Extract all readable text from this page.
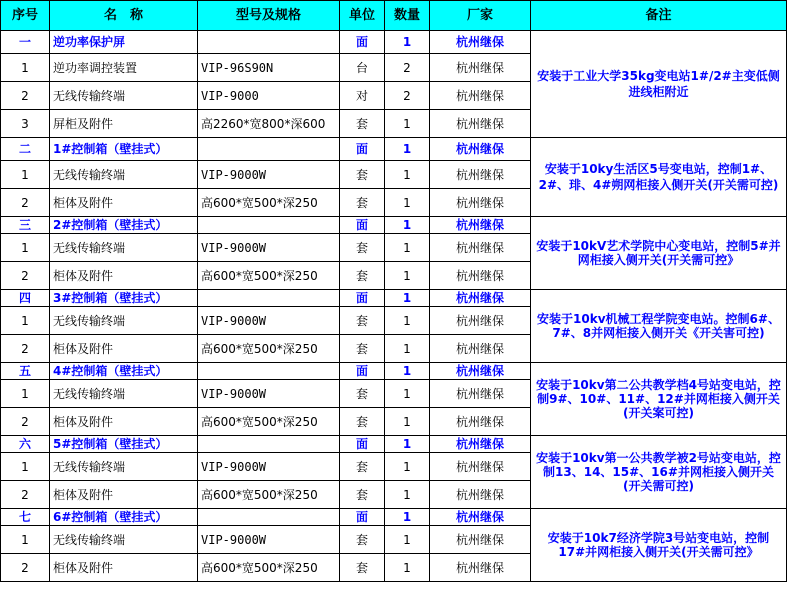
序号	名　称	型号及规格	单位	数量	厂家	备注
一	逆功率保护屏		面	1	杭州继保	安装于工业大学35kg变电站1#/2#主变低侧进线柜附近
1	逆功率调控装置	VIP-96S90N	台	2	杭州继保	
2	无线传输终端	VIP-9000	对	2	杭州继保	
3	屏柜及附件	高2260*宽800*深600	套	1	杭州继保	
二	1#控制箱（壁挂式）		面	1	杭州继保	安装于10ky生活区5号变电站，控制1#、2#、琲、4#朔网柜接入侧开关(开关需可控)
1	无线传输终端	VIP-9000W	套	1	杭州继保	
2	柜体及附件	高600*宽500*深250	套	1	杭州继保	
三	2#控制箱（壁挂式）		面	1	杭州继保	安装于10kV艺术学院中心变电站，控制5#并网柜接入侧开关(开关需可控》
1	无线传输终端	VIP-9000W	套	1	杭州继保	
2	柜体及附件	高600*宽500*深250	套	1	杭州继保	
四	3#控制箱（壁挂式）		面	1	杭州继保	安装于10kv机械工程学院变电站。控制6#、7#、8并网柜接入侧开关《开关害可控)
1	无线传输终端	VIP-9000W	套	1	杭州继保	
2	柜体及附件	高600*宽500*深250	套	1	杭州继保	
五	4#控制箱（壁挂式）		面	1	杭州继保	安装于10kv第二公共教学档4号站变电站，控制9#、10#、11#、12#并网柜接入侧开关(开关案可控)
1	无线传输终端	VIP-9000W	套	1	杭州继保	
2	柜体及附件	高600*宽500*深250	套	1	杭州继保	
六	5#控制箱（壁挂式）		面	1	杭州继保	安装于10kv第一公共教学被2号站变电站，控制13、14、15#、16#并网柜接入侧开关(开关需可控)
1	无线传输终端	VIP-9000W	套	1	杭州继保	
2	柜体及附件	高600*宽500*深250	套	1	杭州继保	
七	6#控制箱（壁挂式）		面	1	杭州继保	安装于10k7经济学院3号站变电站，控制17#并网柜接入侧开关(开关需可控》
1	无线传输终端	VIP-9000W	套	1	杭州继保	
2	柜体及附件	高600*宽500*深250	套	1	杭州继保	
